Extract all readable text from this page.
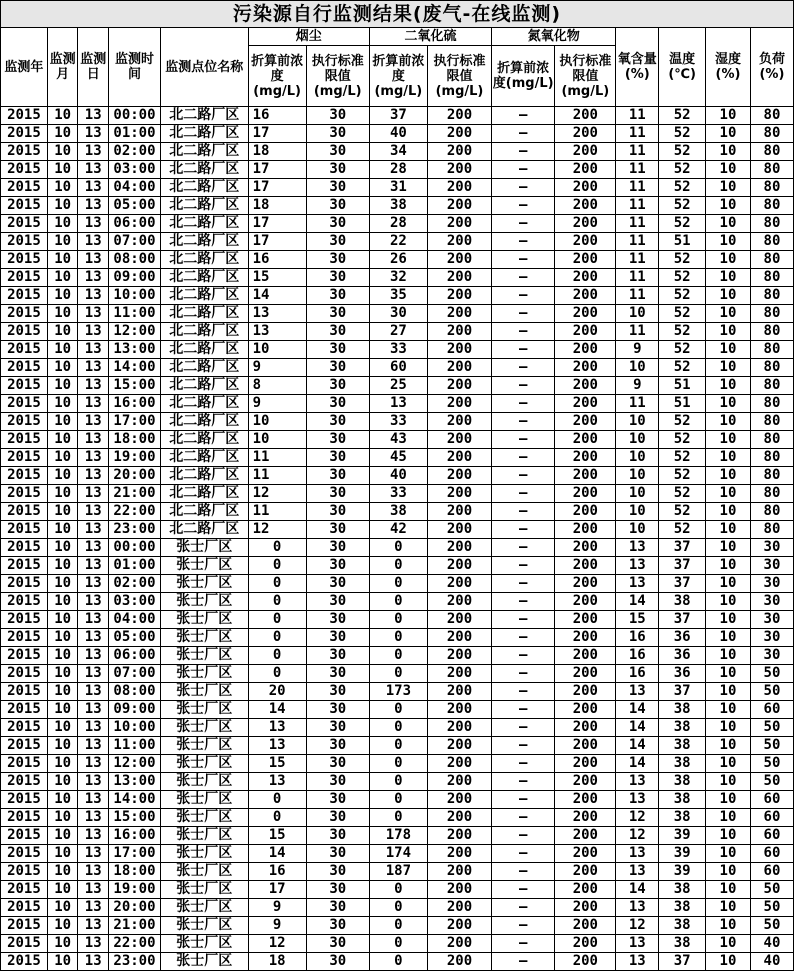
污染源自行监测结果(废气-在线监测)														
监测年	监测月	监测日	监测时间	监测点位名称	烟尘		二氧化硫		氮氧化物		氧含量(%)	温度(℃)	湿度(%)	负荷(%)
					折算前浓度(mg/L)	执行标准限值(mg/L)	折算前浓度(mg/L)	执行标准限值(mg/L)	折算前浓度(mg/L)	执行标准限值(mg/L)				
2015	10	13	00:00	北二路厂区	16	30	37	200	—	200	11	52	10	80
2015	10	13	01:00	北二路厂区	17	30	40	200	—	200	11	52	10	80
2015	10	13	02:00	北二路厂区	18	30	34	200	—	200	11	52	10	80
2015	10	13	03:00	北二路厂区	17	30	28	200	—	200	11	52	10	80
2015	10	13	04:00	北二路厂区	17	30	31	200	—	200	11	52	10	80
2015	10	13	05:00	北二路厂区	18	30	38	200	—	200	11	52	10	80
2015	10	13	06:00	北二路厂区	17	30	28	200	—	200	11	52	10	80
2015	10	13	07:00	北二路厂区	17	30	22	200	—	200	11	51	10	80
2015	10	13	08:00	北二路厂区	16	30	26	200	—	200	11	52	10	80
2015	10	13	09:00	北二路厂区	15	30	32	200	—	200	11	52	10	80
2015	10	13	10:00	北二路厂区	14	30	35	200	—	200	11	52	10	80
2015	10	13	11:00	北二路厂区	13	30	30	200	—	200	10	52	10	80
2015	10	13	12:00	北二路厂区	13	30	27	200	—	200	11	52	10	80
2015	10	13	13:00	北二路厂区	10	30	33	200	—	200	9	52	10	80
2015	10	13	14:00	北二路厂区	9	30	60	200	—	200	10	52	10	80
2015	10	13	15:00	北二路厂区	8	30	25	200	—	200	9	51	10	80
2015	10	13	16:00	北二路厂区	9	30	13	200	—	200	11	51	10	80
2015	10	13	17:00	北二路厂区	10	30	33	200	—	200	10	52	10	80
2015	10	13	18:00	北二路厂区	10	30	43	200	—	200	10	52	10	80
2015	10	13	19:00	北二路厂区	11	30	45	200	—	200	10	52	10	80
2015	10	13	20:00	北二路厂区	11	30	40	200	—	200	10	52	10	80
2015	10	13	21:00	北二路厂区	12	30	33	200	—	200	10	52	10	80
2015	10	13	22:00	北二路厂区	11	30	38	200	—	200	10	52	10	80
2015	10	13	23:00	北二路厂区	12	30	42	200	—	200	10	52	10	80
2015	10	13	00:00	张士厂区	0	30	0	200	—	200	13	37	10	30
2015	10	13	01:00	张士厂区	0	30	0	200	—	200	13	37	10	30
2015	10	13	02:00	张士厂区	0	30	0	200	—	200	13	37	10	30
2015	10	13	03:00	张士厂区	0	30	0	200	—	200	14	38	10	30
2015	10	13	04:00	张士厂区	0	30	0	200	—	200	15	37	10	30
2015	10	13	05:00	张士厂区	0	30	0	200	—	200	16	36	10	30
2015	10	13	06:00	张士厂区	0	30	0	200	—	200	16	36	10	30
2015	10	13	07:00	张士厂区	0	30	0	200	—	200	16	36	10	50
2015	10	13	08:00	张士厂区	20	30	173	200	—	200	13	37	10	50
2015	10	13	09:00	张士厂区	14	30	0	200	—	200	14	38	10	60
2015	10	13	10:00	张士厂区	13	30	0	200	—	200	14	38	10	50
2015	10	13	11:00	张士厂区	13	30	0	200	—	200	14	38	10	50
2015	10	13	12:00	张士厂区	15	30	0	200	—	200	14	38	10	50
2015	10	13	13:00	张士厂区	13	30	0	200	—	200	13	38	10	50
2015	10	13	14:00	张士厂区	0	30	0	200	—	200	13	38	10	60
2015	10	13	15:00	张士厂区	0	30	0	200	—	200	12	38	10	60
2015	10	13	16:00	张士厂区	15	30	178	200	—	200	12	39	10	60
2015	10	13	17:00	张士厂区	14	30	174	200	—	200	13	39	10	60
2015	10	13	18:00	张士厂区	16	30	187	200	—	200	13	39	10	60
2015	10	13	19:00	张士厂区	17	30	0	200	—	200	14	38	10	50
2015	10	13	20:00	张士厂区	9	30	0	200	—	200	13	38	10	50
2015	10	13	21:00	张士厂区	9	30	0	200	—	200	12	38	10	50
2015	10	13	22:00	张士厂区	12	30	0	200	—	200	13	38	10	40
2015	10	13	23:00	张士厂区	18	30	0	200	—	200	13	37	10	40
